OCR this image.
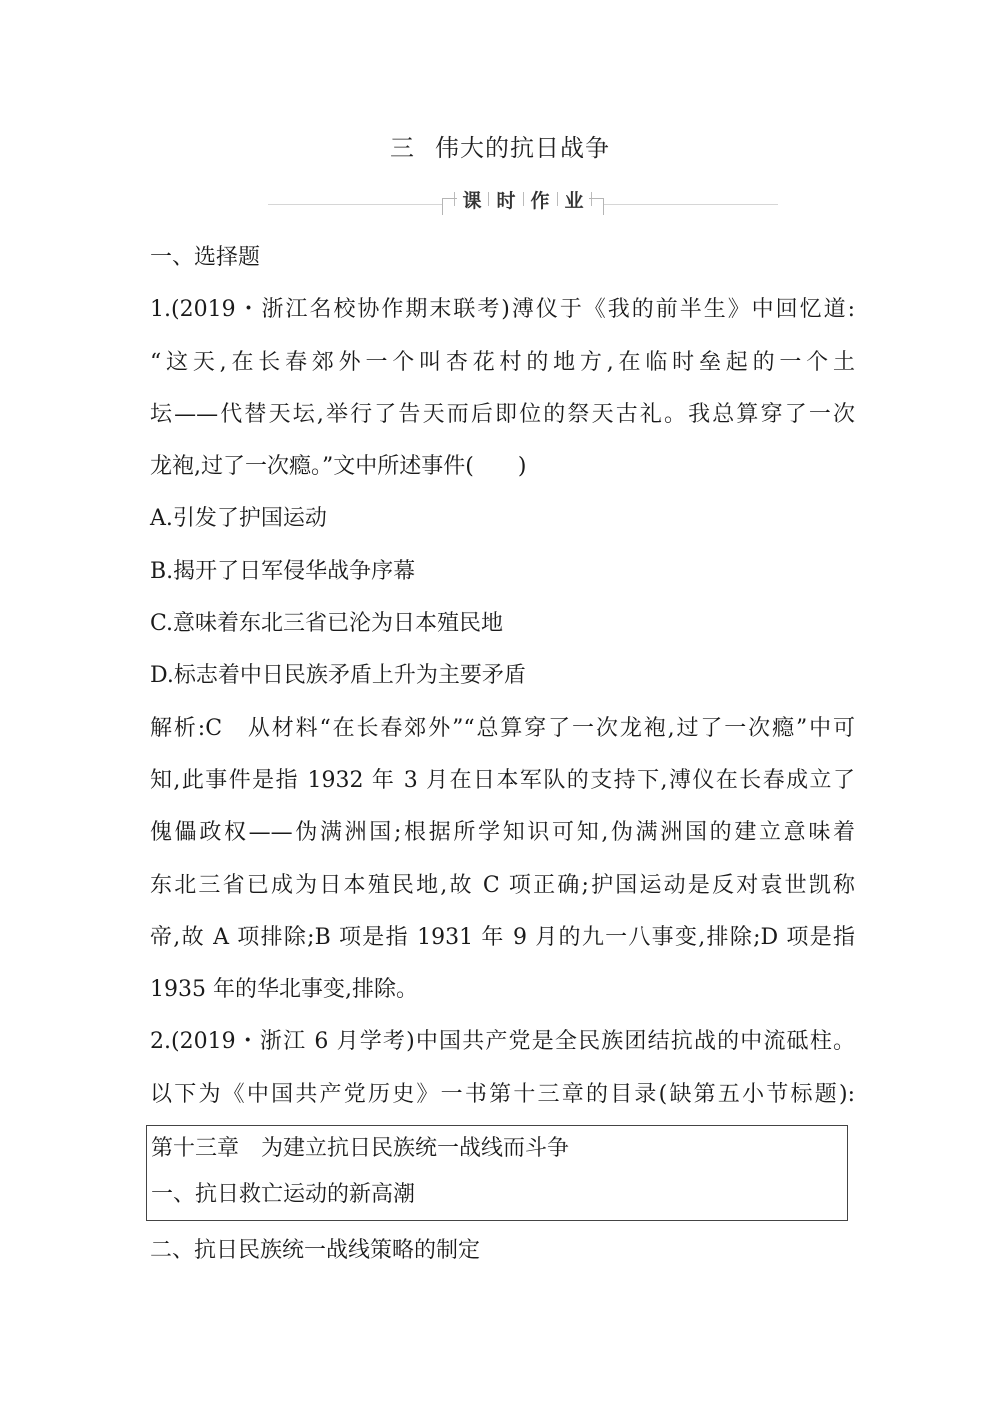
三 伟大的抗日战争
课 时 作 业
一、选择题
1.(2019・浙江名校协作期末联考)溥仪于《我的前半生》中回忆道:
“这天,在长春郊外一个叫杏花村的地方,在临时垒起的一个土
坛——代替天坛,举行了告天而后即位的祭天古礼。我总算穿了一次
龙袍,过了一次瘾。”文中所述事件(　　)
A.引发了护国运动
B.揭开了日军侵华战争序幕
C.意味着东北三省已沦为日本殖民地
D.标志着中日民族矛盾上升为主要矛盾
解析:C　从材料“在长春郊外”“总算穿了一次龙袍,过了一次瘾”中可
知,此事件是指 1932 年 3 月在日本军队的支持下,溥仪在长春成立了
傀儡政权——伪满洲国;根据所学知识可知,伪满洲国的建立意味着
东北三省已成为日本殖民地,故 C 项正确;护国运动是反对袁世凯称
帝,故 A 项排除;B 项是指 1931 年 9 月的九一八事变,排除;D 项是指
1935 年的华北事变,排除。
2.(2019・浙江 6 月学考)中国共产党是全民族团结抗战的中流砥柱。
以下为《中国共产党历史》一书第十三章的目录(缺第五小节标题):
第十三章　为建立抗日民族统一战线而斗争
一、抗日救亡运动的新高潮
二、抗日民族统一战线策略的制定
